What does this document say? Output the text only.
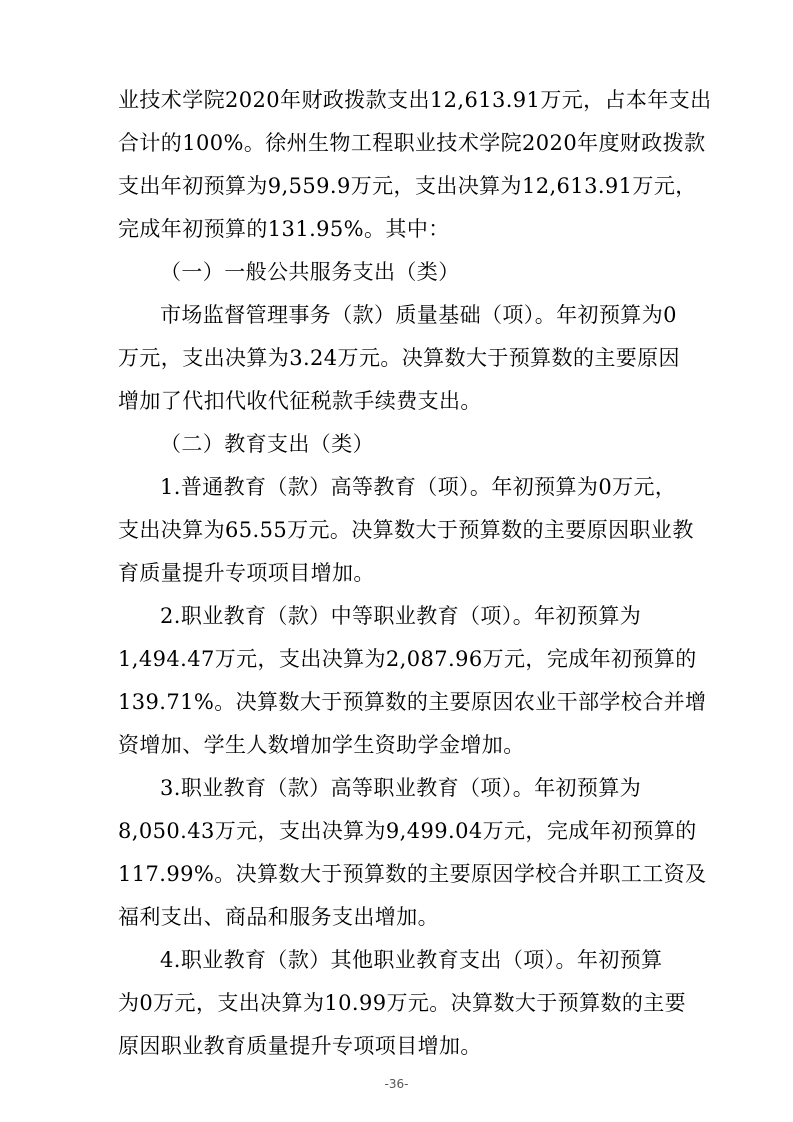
业技术学院2020年财政拨款支出12,613.91万元，占本年支出
合计的100%。徐州生物工程职业技术学院2020年度财政拨款
支出年初预算为9,559.9万元，支出决算为12,613.91万元，
完成年初预算的131.95%。其中：
（一）一般公共服务支出（类）
市场监督管理事务（款）质量基础（项）。年初预算为0
万元，支出决算为3.24万元。决算数大于预算数的主要原因
增加了代扣代收代征税款手续费支出。
（二）教育支出（类）
1.普通教育（款）高等教育（项）。年初预算为0万元，
支出决算为65.55万元。决算数大于预算数的主要原因职业教
育质量提升专项项目增加。
2.职业教育（款）中等职业教育（项）。年初预算为
1,494.47万元，支出决算为2,087.96万元，完成年初预算的
139.71%。决算数大于预算数的主要原因农业干部学校合并增
资增加、学生人数增加学生资助学金增加。
3.职业教育（款）高等职业教育（项）。年初预算为
8,050.43万元，支出决算为9,499.04万元，完成年初预算的
117.99%。决算数大于预算数的主要原因学校合并职工工资及
福利支出、商品和服务支出增加。
4.职业教育（款）其他职业教育支出（项）。年初预算
为0万元，支出决算为10.99万元。决算数大于预算数的主要
原因职业教育质量提升专项项目增加。
-36-
